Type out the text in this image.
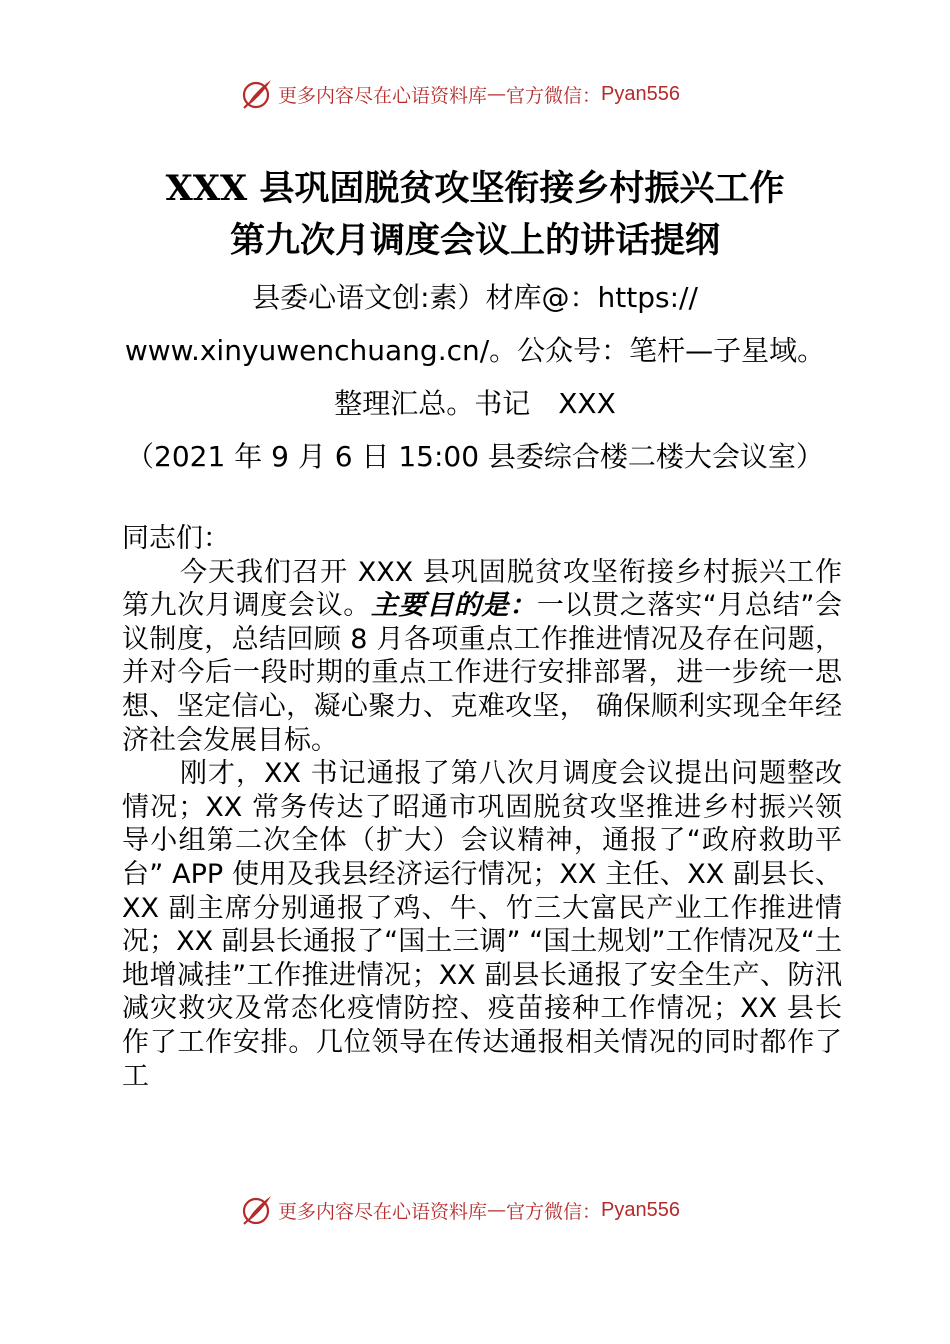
更多内容尽在心语资料库 — 官方微信： Pyan556
XXX 县巩固脱贫攻坚衔接乡村振兴工作
第九次月调度会议上的讲话提纲
县委心语文创:素）材库@：https://
www.xinyuwenchuang.cn/。公众号：笔杆—子星域。
整理汇总。书记　XXX
（2021 年 9 月 6 日 15:00 县委综合楼二楼大会议室）

同志们：

今天我们召开 XXX 县巩固脱贫攻坚衔接乡村振兴工作第九次月调度会议。主要目的是：一以贯之落实“月总结”会议制度，总结回顾 8 月各项重点工作推进情况及存在问题，并对今后一段时期的重点工作进行安排部署，进一步统一思想、坚定信心，凝心聚力、克难攻坚， 确保顺利实现全年经济社会发展目标。

刚才，XX 书记通报了第八次月调度会议提出问题整改情况；XX 常务传达了昭通市巩固脱贫攻坚推进乡村振兴领导小组第二次全体（扩大）会议精神，通报了“政府救助平台” APP 使用及我县经济运行情况；XX 主任、XX 副县长、XX 副主席分别通报了鸡、牛、竹三大富民产业工作推进情况；XX 副县长通报了“国土三调” “国土规划”工作情况及“土地增减挂”工作推进情况；XX 副县长通报了安全生产、防汛减灾救灾及常态化疫情防控、疫苗接种工作情况；XX 县长作了工作安排。几位领导在传达通报相关情况的同时都作了工

更多内容尽在心语资料库 — 官方微信： Pyan556
